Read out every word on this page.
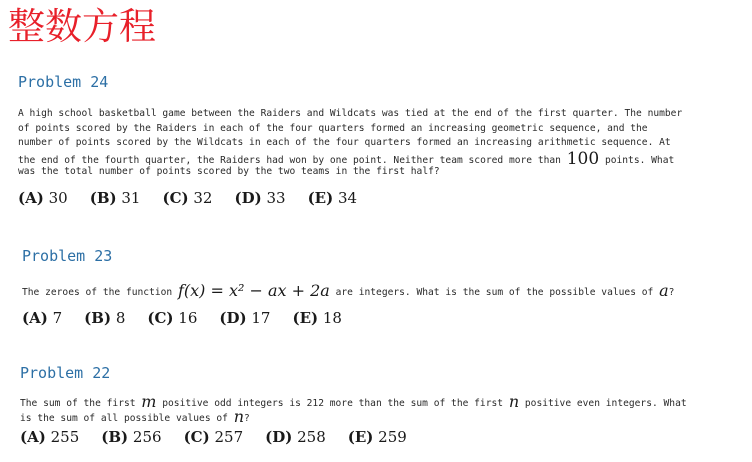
整数方程
Problem 24
A high school basketball game between the Raiders and Wildcats was tied at the end of the first quarter. The number
of points scored by the Raiders in each of the four quarters formed an increasing geometric sequence, and the
number of points scored by the Wildcats in each of the four quarters formed an increasing arithmetic sequence. At
the end of the fourth quarter, the Raiders had won by one point. Neither team scored more than 100 points. What
was the total number of points scored by the two teams in the first half?
(A) 30 (B) 31 (C) 32 (D) 33 (E) 34
Problem 23
The zeroes of the function f(x) = x² − ax + 2a are integers. What is the sum of the possible values of a?
(A) 7 (B) 8 (C) 16 (D) 17 (E) 18
Problem 22
The sum of the first m positive odd integers is 212 more than the sum of the first n positive even integers. What
is the sum of all possible values of n?
(A) 255 (B) 256 (C) 257 (D) 258 (E) 259
